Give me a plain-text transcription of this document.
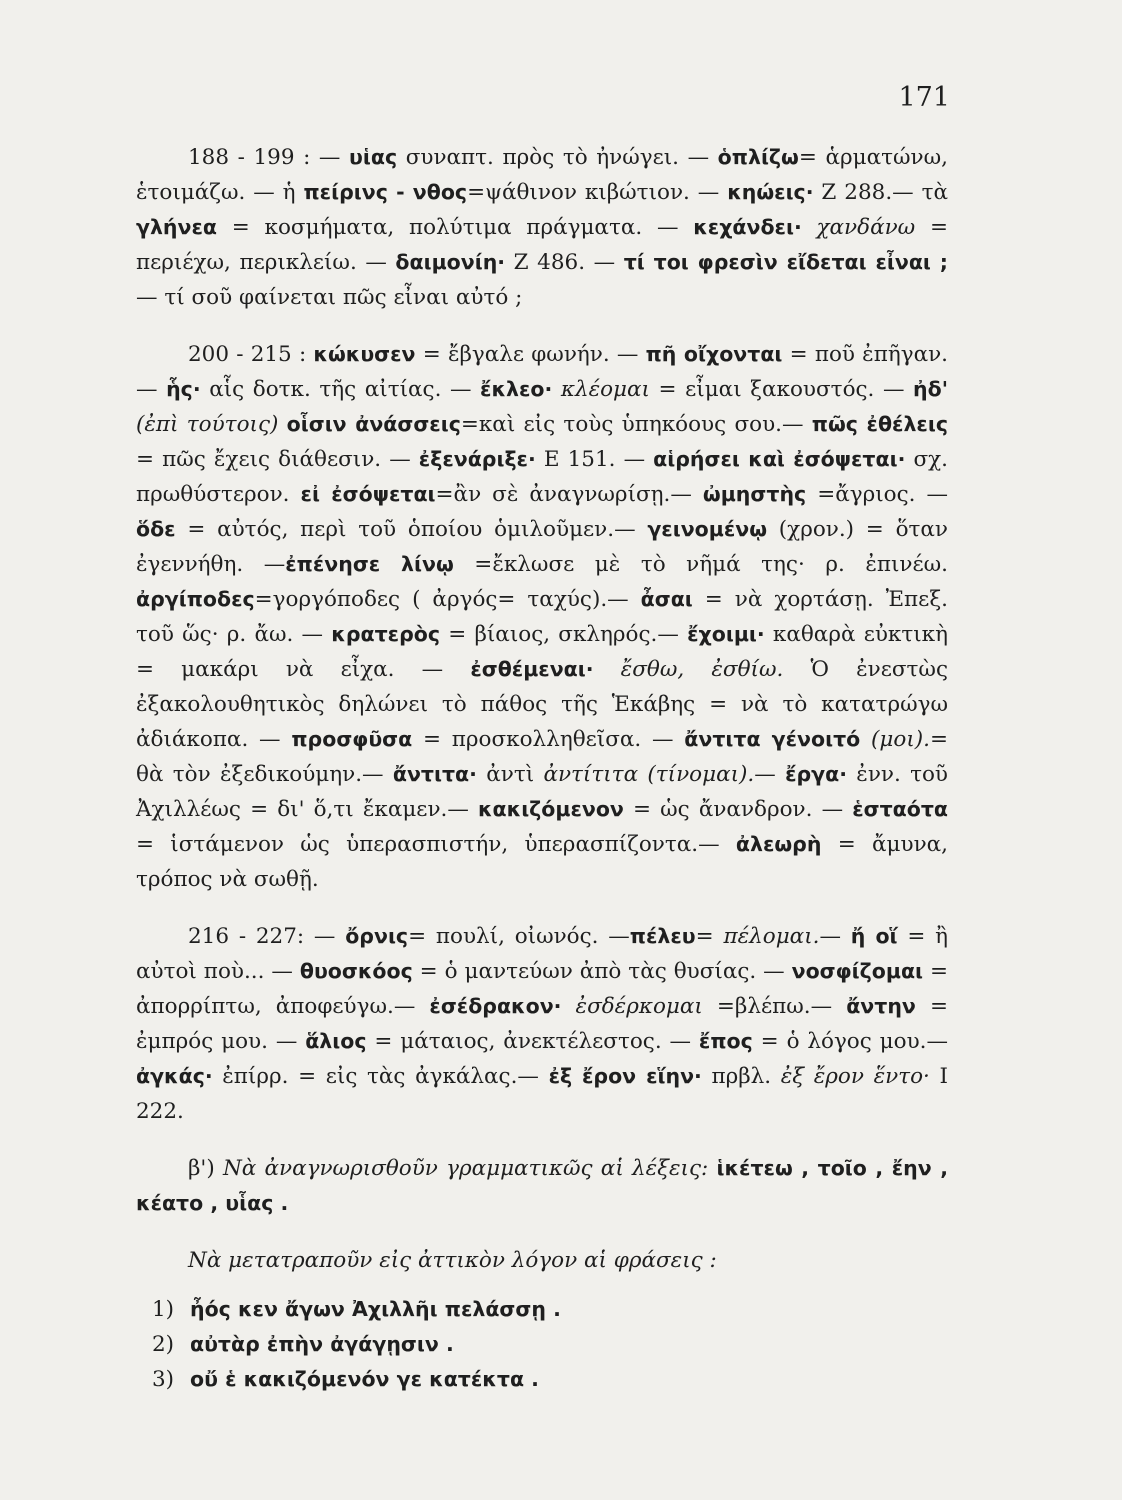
171

188 - 199 : — υἱας συναπτ. πρὸς τὸ ἠνώγει. — ὁπλίζω= ἁρματώνω, ἑτοιμάζω. — ἡ πείρινς - νθος=ψάθινον κιβώτιον. — κηώεις· Ζ 288.— τὰ γλήνεα = κοσμήματα, πολύτιμα πράγματα. — κεχάνδει· χανδάνω = περιέχω, περικλείω. — δαιμονίη· Ζ 486. — τί τοι φρεσὶν εἴδεται εἶναι ; — τί σοῦ φαίνεται πῶς εἶναι αὐτό ;

200 - 215 : κώκυσεν = ἔβγαλε φωνήν. — πῆ οἴχονται = ποῦ ἐπῆγαν. — ἧς· αἷς δοτκ. τῆς αἰτίας. — ἔκλεο· κλέομαι = εἶμαι ξακουστός. — ἠδ' (ἐπὶ τούτοις) οἷσιν ἀνάσσεις=καὶ εἰς τοὺς ὑπηκόους σου.— πῶς ἐθέλεις = πῶς ἔχεις διάθεσιν. — ἐξενάριξε· Ε 151. — αἱρήσει καὶ ἐσόψεται· σχ. πρωθύστερον. εἰ ἐσόψεται=ἂν σὲ ἀναγνωρίσῃ.— ὠμηστὴς =ἄγριος. — ὅδε = αὐτός, περὶ τοῦ ὁποίου ὁμιλοῦμεν.— γεινομένῳ (χρον.) = ὅταν ἐγεννήθη. —ἐπένησε λίνῳ =ἔκλωσε μὲ τὸ νῆμά της· ρ. ἐπινέω. ἀργίποδες=γοργόποδες ( ἀργός= ταχύς).— ἆσαι = νὰ χορτάσῃ. Ἐπεξ. τοῦ ὥς· ρ. ἄω. — κρατερὸς = βίαιος, σκληρός.— ἔχοιμι· καθαρὰ εὐκτικὴ = μακάρι νὰ εἶχα. — ἐσθέμεναι· ἔσθω, ἐσθίω. Ὁ ἐνεστὼς ἐξακολουθητικὸς δηλώνει τὸ πάθος τῆς Ἑκάβης = νὰ τὸ κατατρώγω ἀδιάκοπα. — προσφῦσα = προσκολληθεῖσα. — ἄντιτα γένοιτό (μοι).= θὰ τὸν ἐξεδικούμην.— ἄντιτα· ἀντὶ ἀντίτιτα (τίνομαι).— ἔργα· ἐνν. τοῦ Ἀχιλλέως = δι' ὅ,τι ἔκαμεν.— κακιζόμενον = ὡς ἄνανδρον. — ἑσταότα = ἱστάμενον ὡς ὑπερασπιστήν, ὑπερασπίζοντα.— ἀλεωρὴ = ἄμυνα, τρόπος νὰ σωθῇ.

216 - 227: — ὄρνις= πουλί, οἰωνός. —πέλευ= πέλομαι.— ἤ οἵ = ἢ αὐτοὶ ποὺ... — θυοσκόος = ὁ μαντεύων ἀπὸ τὰς θυσίας. — νοσφίζομαι = ἀπορρίπτω, ἀποφεύγω.— ἐσέδρακον· ἐσδέρκομαι =βλέπω.— ἄντην = ἐμπρός μου. — ἅλιος = μάταιος, ἀνεκτέλεστος. — ἔπος = ὁ λόγος μου.— ἀγκάς· ἐπίρρ. = εἰς τὰς ἀγκάλας.— ἐξ ἔρον εἵην· πρβλ. ἐξ ἔρον ἕντο· Ι 222.

β') Νὰ ἀναγνωρισθοῦν γραμματικῶς αἱ λέξεις: ἱκέτεω , τοῖο , ἔην , κέατο , υἷας .

Νὰ μετατραποῦν εἰς ἀττικὸν λόγον αἱ φράσεις :

1) ἦός κεν ἄγων Ἀχιλλῆι πελάσσῃ .
2) αὐτὰρ ἐπὴν ἀγάγῃσιν .
3) οὔ ἑ κακιζόμενόν γε κατέκτα .
